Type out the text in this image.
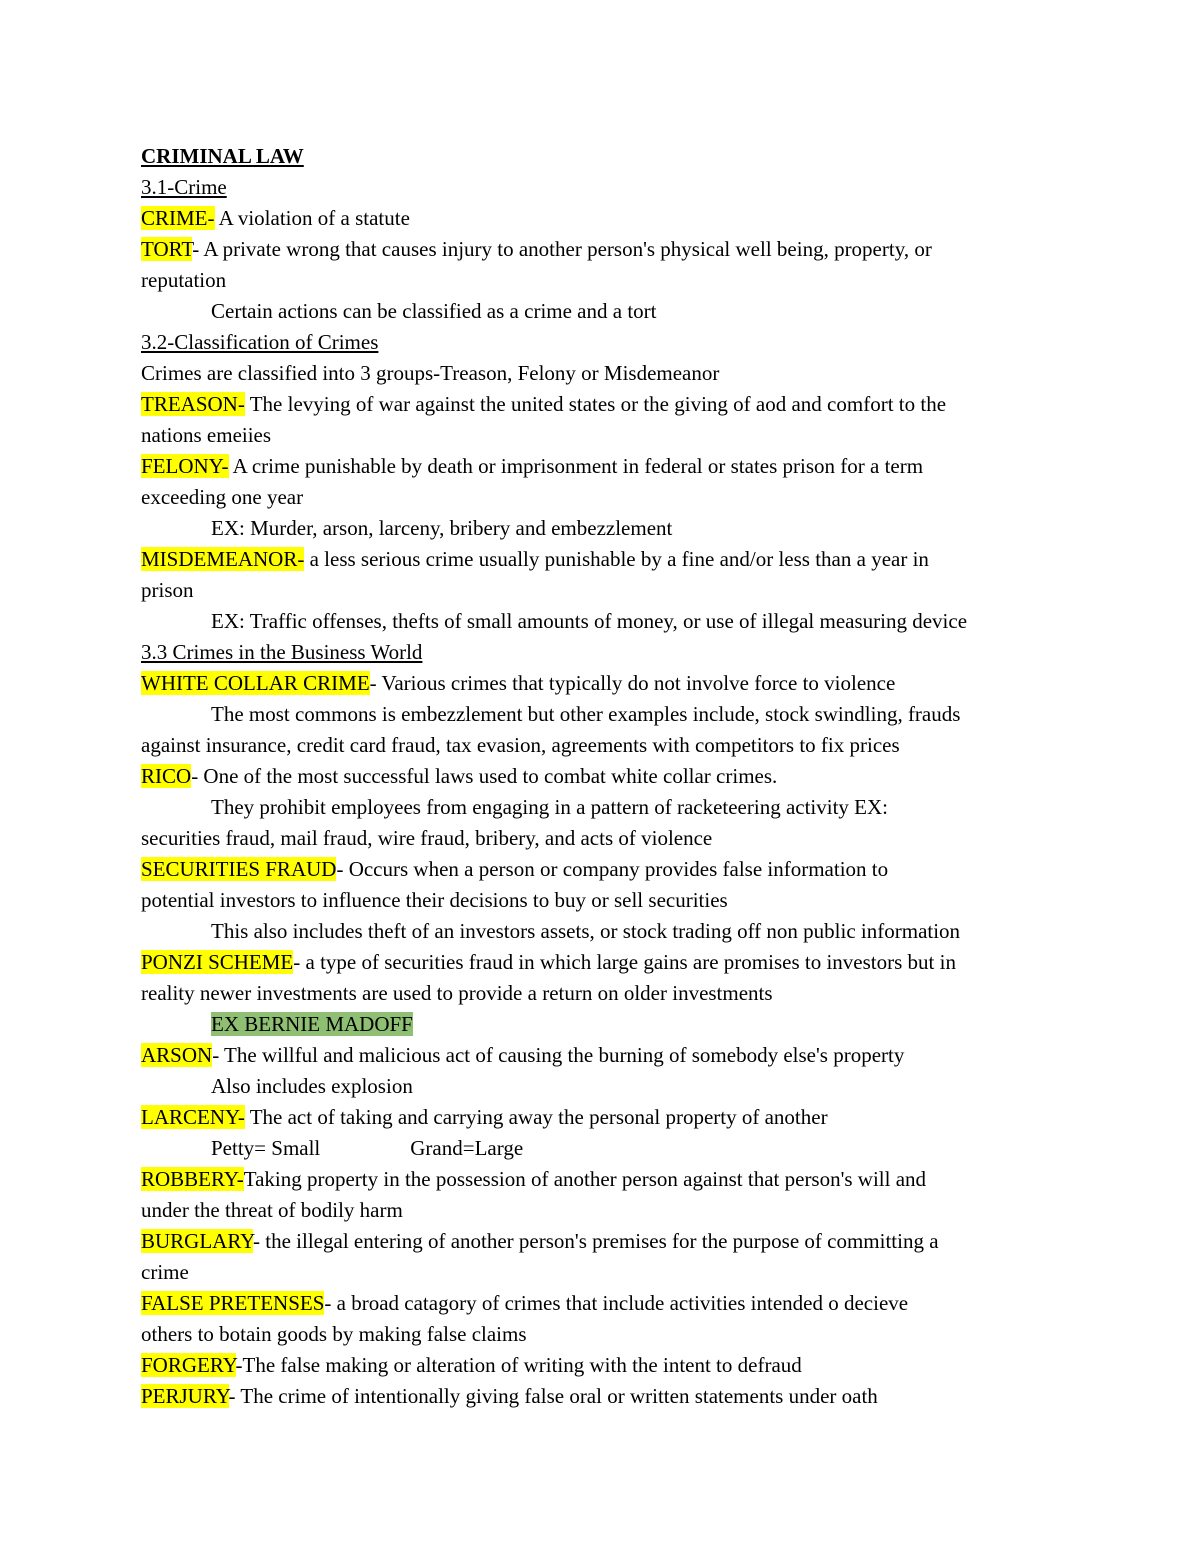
CRIMINAL LAW
3.1-Crime
CRIME- A violation of a statute
TORT- A private wrong that causes injury to another person's physical well being, property, or
reputation
Certain actions can be classified as a crime and a tort
3.2-Classification of Crimes
Crimes are classified into 3 groups-Treason, Felony or Misdemeanor
TREASON- The levying of war against the united states or the giving of aod and comfort to the
nations emeiies
FELONY- A crime punishable by death or imprisonment in federal or states prison for a term
exceeding one year
EX: Murder, arson, larceny, bribery and embezzlement
MISDEMEANOR- a less serious crime usually punishable by a fine and/or less than a year in
prison
EX: Traffic offenses, thefts of small amounts of money, or use of illegal measuring device
3.3 Crimes in the Business World
WHITE COLLAR CRIME- Various crimes that typically do not involve force to violence
The most commons is embezzlement but other examples include, stock swindling, frauds
against insurance, credit card fraud, tax evasion, agreements with competitors to fix prices
RICO- One of the most successful laws used to combat white collar crimes.
They prohibit employees from engaging in a pattern of racketeering activity EX:
securities fraud, mail fraud, wire fraud, bribery, and acts of violence
SECURITIES FRAUD- Occurs when a person or company provides false information to
potential investors to influence their decisions to buy or sell securities
This also includes theft of an investors assets, or stock trading off non public information
PONZI SCHEME- a type of securities fraud in which large gains are promises to investors but in
reality newer investments are used to provide a return on older investments
EX BERNIE MADOFF
ARSON- The willful and malicious act of causing the burning of somebody else's property
Also includes explosion
LARCENY- The act of taking and carrying away the personal property of another
Petty= Small	Grand=Large
ROBBERY-Taking property in the possession of another person against that person's will and
under the threat of bodily harm
BURGLARY- the illegal entering of another person's premises for the purpose of committing a
crime
FALSE PRETENSES- a broad catagory of crimes that include activities intended o decieve
others to botain goods by making false claims
FORGERY-The false making or alteration of writing with the intent to defraud
PERJURY- The crime of intentionally giving false oral or written statements under oath
